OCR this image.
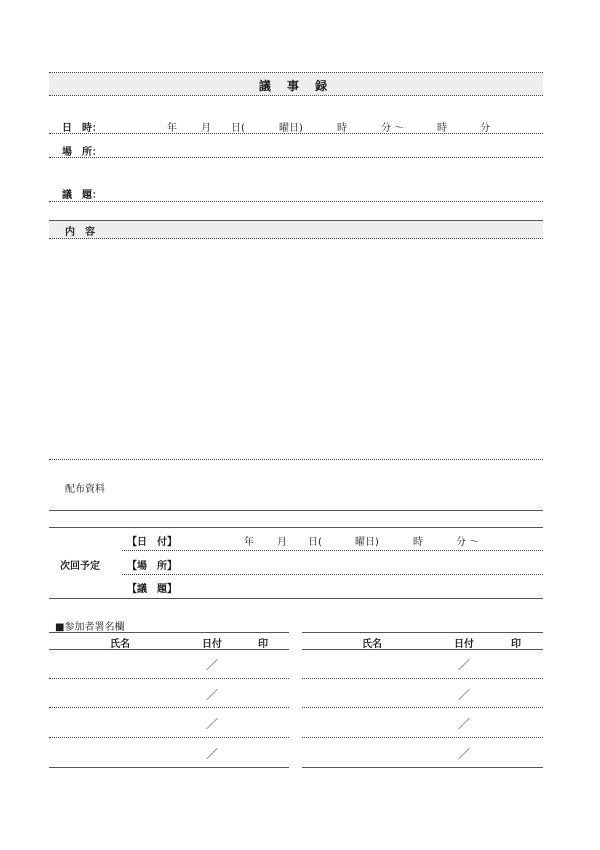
議 事 録
日　時：	年 月 日(	曜日)	時	分 ～	時	分
場　所：
議　題：
内　容
配布資料
次回予定
【日　付】	年 月 日(	曜日)	時	分 ～
【場　所】
【議　題】
■参加者署名欄
氏名	日付	印
／
／
／
／
氏名	日付	印
／
／
／
／
